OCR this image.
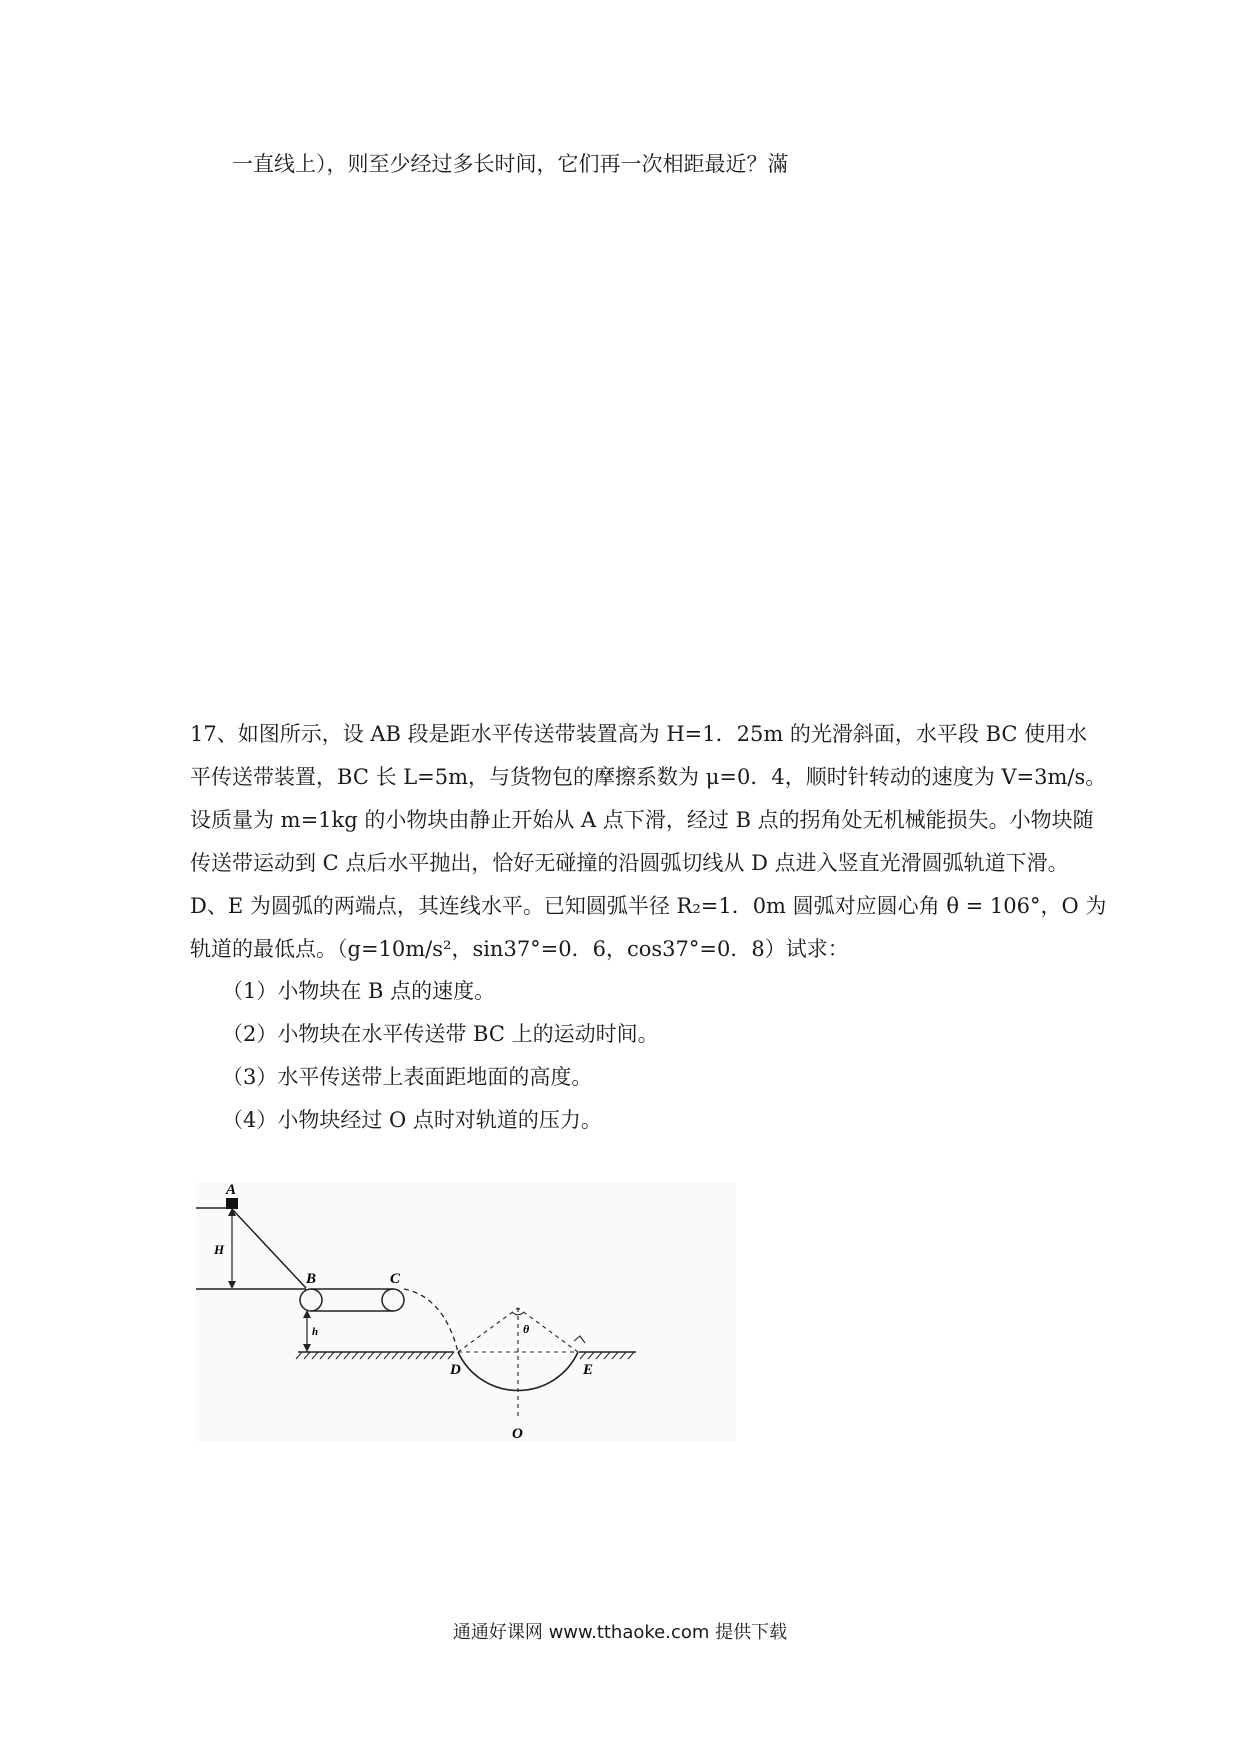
一直线上），则至少经过多长时间，它们再一次相距最近？滿
17、如图所示，设 AB 段是距水平传送带装置高为 H=1．25m 的光滑斜面，水平段 BC 使用水
平传送带装置，BC 长 L=5m，与货物包的摩擦系数为 μ=0．4，顺时针转动的速度为 V=3m/s。
设质量为 m=1kg 的小物块由静止开始从 A 点下滑，经过 B 点的拐角处无机械能损失。小物块随
传送带运动到 C 点后水平抛出，恰好无碰撞的沿圆弧切线从 D 点进入竖直光滑圆弧轨道下滑。
D、E 为圆弧的两端点，其连线水平。已知圆弧半径 R₂=1．0m 圆弧对应圆心角 θ = 106°，O 为
轨道的最低点。（g=10m/s²，sin37°=0．6，cos37°=0．8）试求：
（1）小物块在 B 点的速度。
（2）小物块在水平传送带 BC 上的运动时间。
（3）水平传送带上表面距地面的高度。
（4）小物块经过 O 点时对轨道的压力。
A
H
B	C
h	θ
D	E
O
通通好课网 www.tthaoke.com 提供下载
